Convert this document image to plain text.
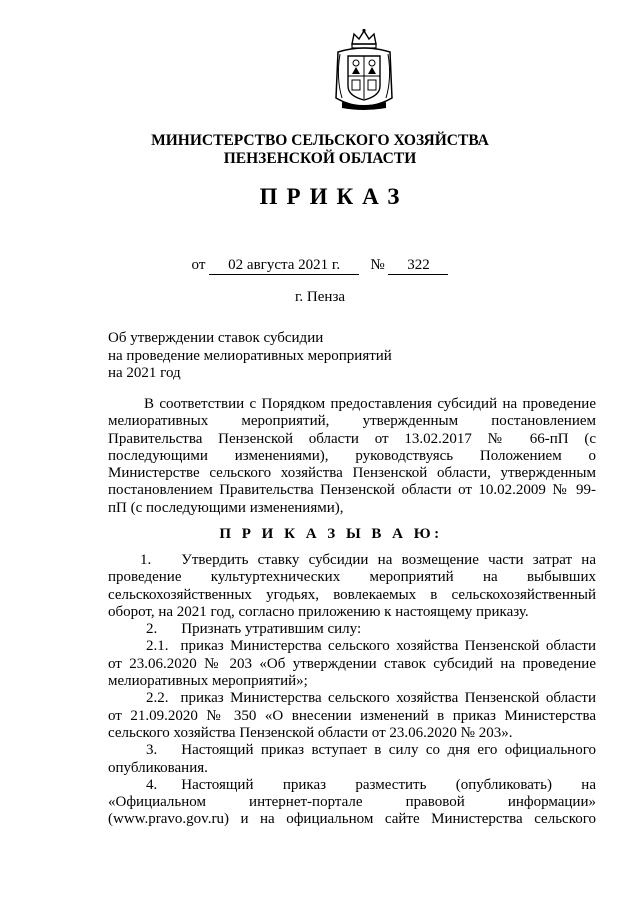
МИНИСТЕРСТВО СЕЛЬСКОГО ХОЗЯЙСТВА
ПЕНЗЕНСКОЙ ОБЛАСТИ
ПРИКАЗ
от 02 августа 2021 г. № 322
г. Пенза
Об утверждении ставок субсидии
на проведение мелиоративных мероприятий
на 2021 год
В соответствии с Порядком предоставления субсидий на проведение
мелиоративных мероприятий, утвержденным постановлением
Правительства Пензенской области от 13.02.2017 № 66-пП (с
последующими изменениями), руководствуясь Положением о
Министерстве сельского хозяйства Пензенской области, утвержденным
постановлением Правительства Пензенской области от 10.02.2009 № 99-
пП (с последующими изменениями),
П Р И К А З Ы В А Ю:
1. Утвердить ставку субсидии на возмещение части затрат на
проведение культуртехнических мероприятий на выбывших
сельскохозяйственных угодьях, вовлекаемых в сельскохозяйственный
оборот, на 2021 год, согласно приложению к настоящему приказу.
2. Признать утратившим силу:
2.1. приказ Министерства сельского хозяйства Пензенской области
от 23.06.2020 № 203 «Об утверждении ставок субсидий на проведение
мелиоративных мероприятий»;
2.2. приказ Министерства сельского хозяйства Пензенской области
от 21.09.2020 № 350 «О внесении изменений в приказ Министерства
сельского хозяйства Пензенской области от 23.06.2020 № 203».
3. Настоящий приказ вступает в силу со дня его официального
опубликования.
4. Настоящий приказ разместить (опубликовать) на
«Официальном интернет-портале правовой информации»
(www.pravo.gov.ru) и на официальном сайте Министерства сельского
